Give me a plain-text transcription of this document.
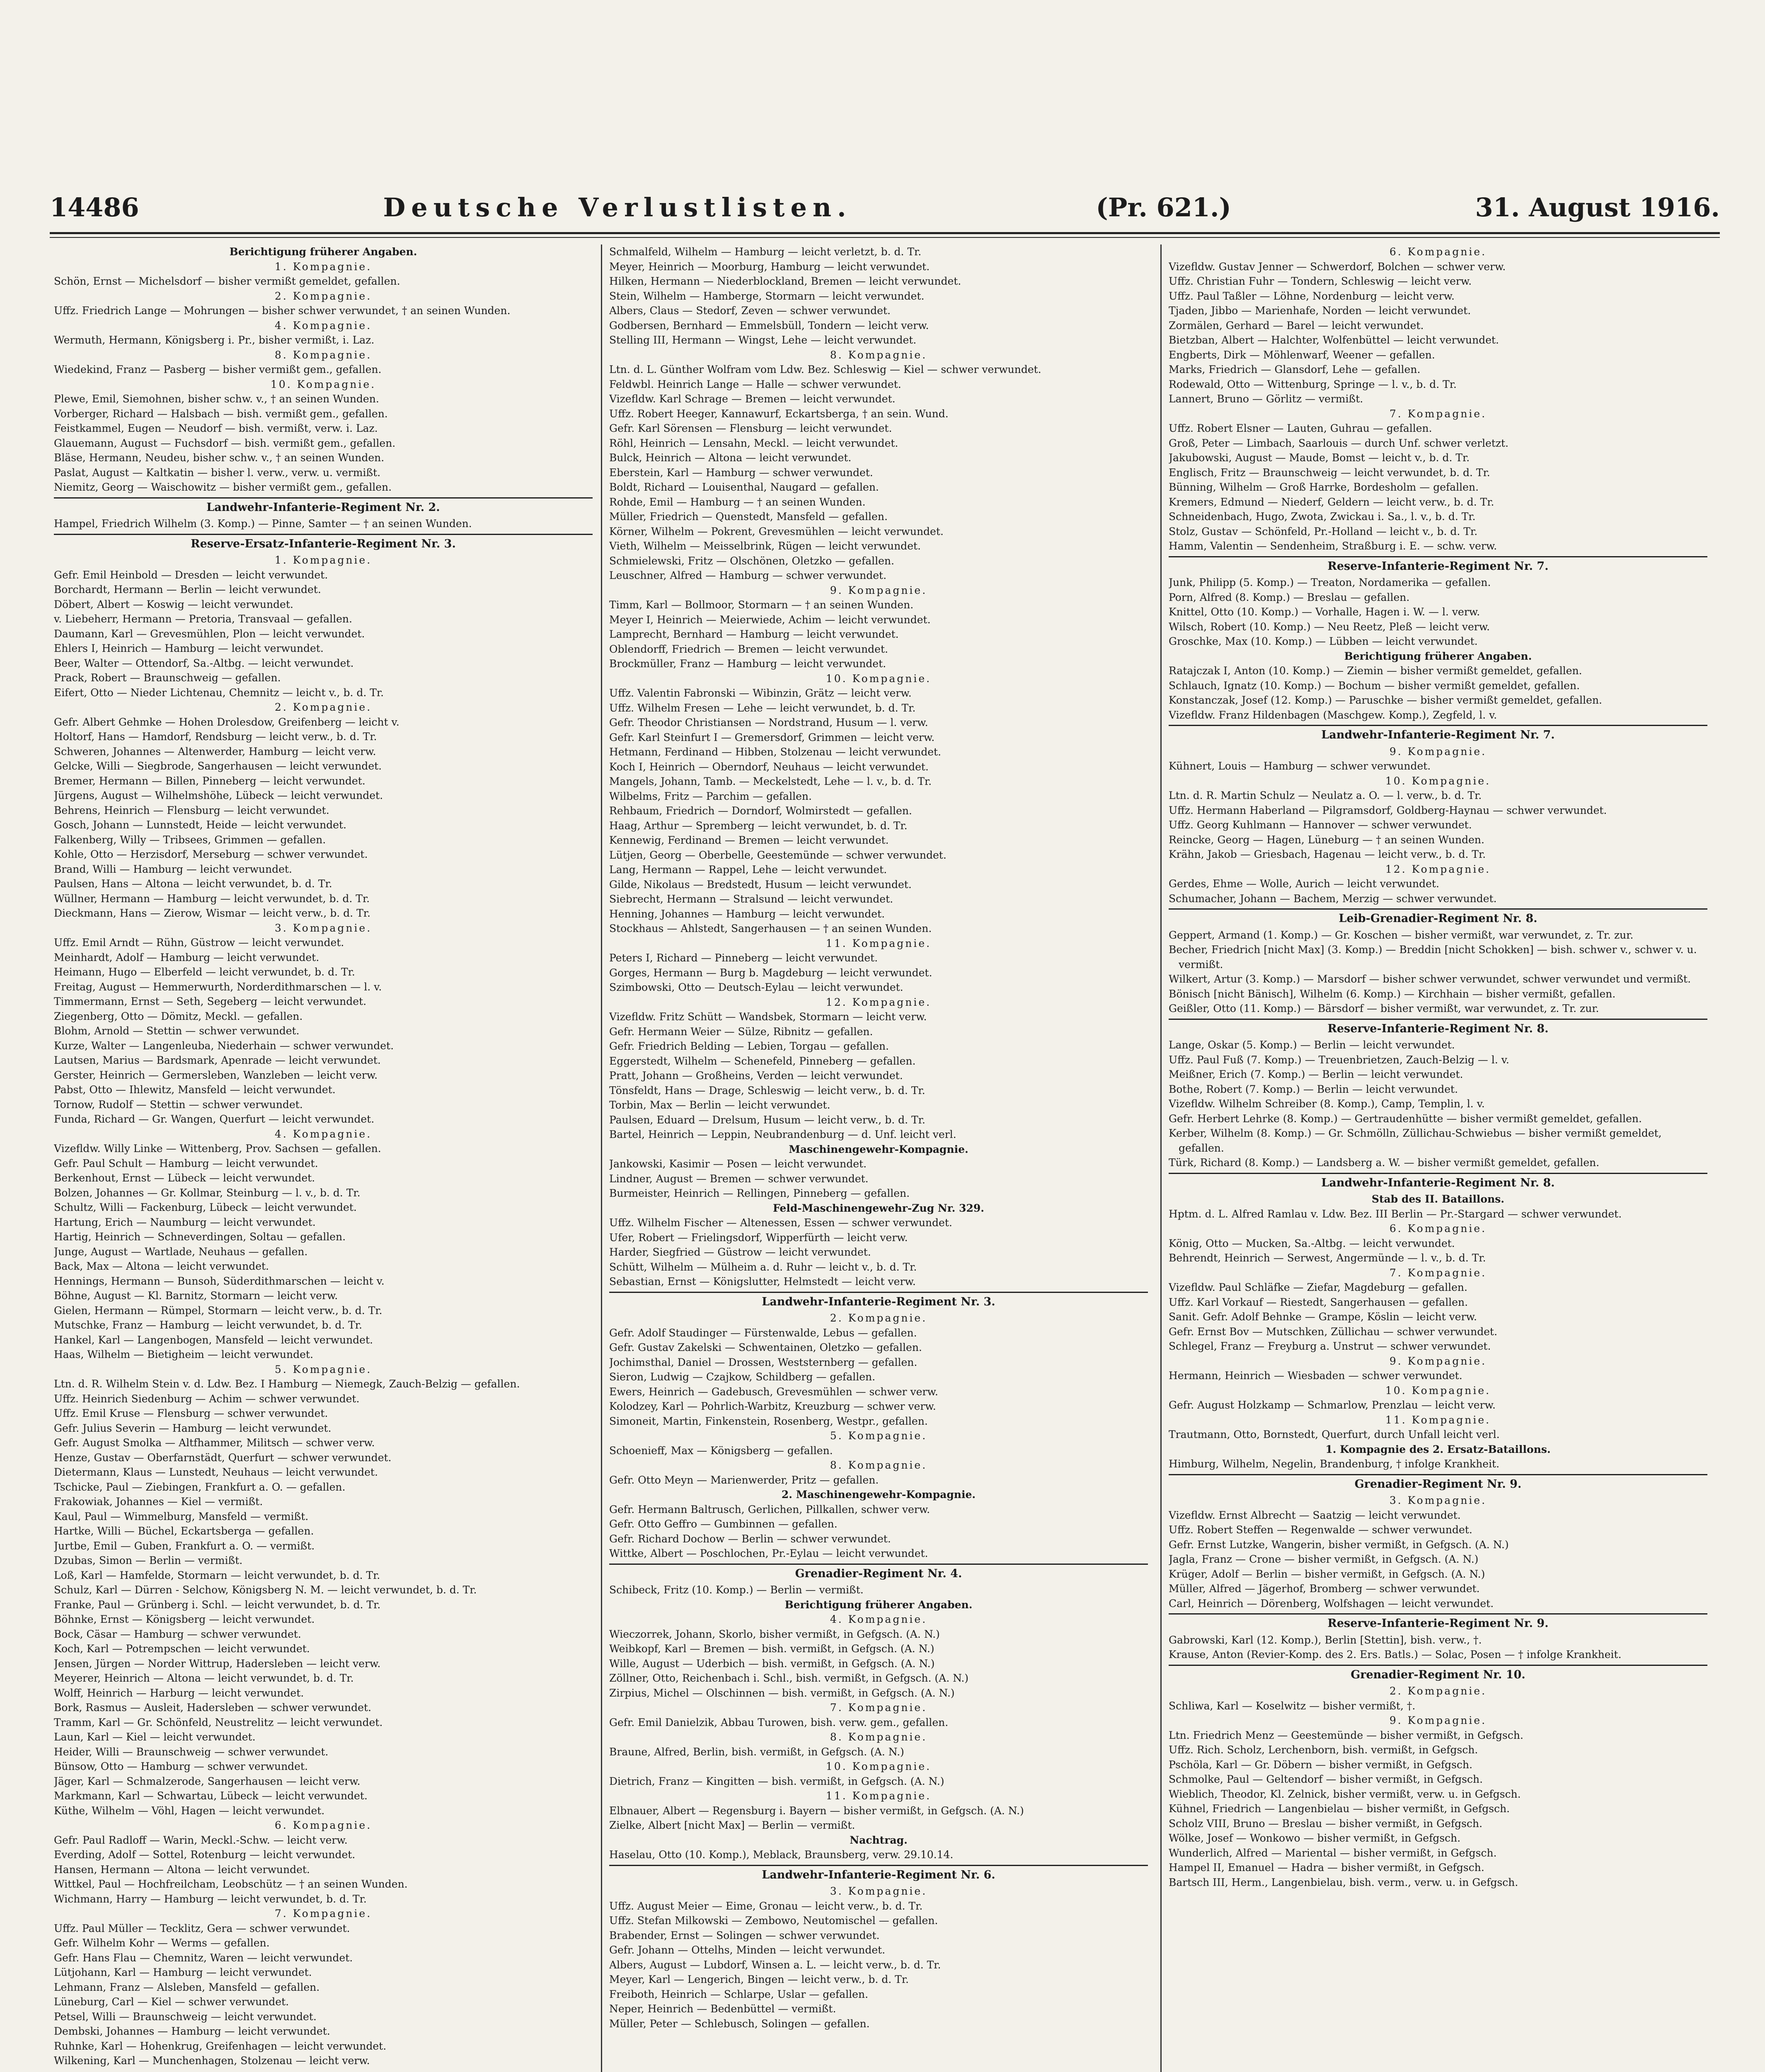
14486	Deutsche Verlustlisten.	(Pr. 621.)	31. August 1916.
Berichtigung früherer Angaben.
1. Kompagnie.
Schön, Ernst — Michelsdorf — bisher vermißt gemeldet, gefallen.
2. Kompagnie.
Uffz. Friedrich Lange — Mohrungen — bisher schwer verwundet, † an seinen Wunden.
4. Kompagnie.
Wermuth, Hermann, Königsberg i. Pr., bisher vermißt, i. Laz.
8. Kompagnie.
Wiedekind, Franz — Pasberg — bisher vermißt gem., gefallen.
10. Kompagnie.
Plewe, Emil, Siemohnen, bisher schw. v., † an seinen Wunden.
Vorberger, Richard — Halsbach — bish. vermißt gem., gefallen.
Feistkammel, Eugen — Neudorf — bish. vermißt, verw. i. Laz.
Glauemann, August — Fuchsdorf — bish. vermißt gem., gefallen.
Bläse, Hermann, Neudeu, bisher schw. v., † an seinen Wunden.
Paslat, August — Kaltkatin — bisher l. verw., verw. u. vermißt.
Niemitz, Georg — Waischowitz — bisher vermißt gem., gefallen.
Landwehr-Infanterie-Regiment Nr. 2.
Hampel, Friedrich Wilhelm (3. Komp.) — Pinne, Samter — † an seinen Wunden.
Reserve-Ersatz-Infanterie-Regiment Nr. 3.
1. Kompagnie.
Gefr. Emil Heinbold — Dresden — leicht verwundet.
Borchardt, Hermann — Berlin — leicht verwundet.
Döbert, Albert — Koswig — leicht verwundet.
v. Liebeherr, Hermann — Pretoria, Transvaal — gefallen.
Daumann, Karl — Grevesmühlen, Plon — leicht verwundet.
Ehlers I, Heinrich — Hamburg — leicht verwundet.
Beer, Walter — Ottendorf, Sa.-Altbg. — leicht verwundet.
Prack, Robert — Braunschweig — gefallen.
Eifert, Otto — Nieder Lichtenau, Chemnitz — leicht v., b. d. Tr.
2. Kompagnie.
Gefr. Albert Gehmke — Hohen Drolesdow, Greifenberg — leicht v.
Holtorf, Hans — Hamdorf, Rendsburg — leicht verw., b. d. Tr.
Schweren, Johannes — Altenwerder, Hamburg — leicht verw.
Gelcke, Willi — Siegbrode, Sangerhausen — leicht verwundet.
Bremer, Hermann — Billen, Pinneberg — leicht verwundet.
Jürgens, August — Wilhelmshöhe, Lübeck — leicht verwundet.
Behrens, Heinrich — Flensburg — leicht verwundet.
Gosch, Johann — Lunnstedt, Heide — leicht verwundet.
Falkenberg, Willy — Tribsees, Grimmen — gefallen.
Kohle, Otto — Herzisdorf, Merseburg — schwer verwundet.
Brand, Willi — Hamburg — leicht verwundet.
Paulsen, Hans — Altona — leicht verwundet, b. d. Tr.
Wüllner, Hermann — Hamburg — leicht verwundet, b. d. Tr.
Dieckmann, Hans — Zierow, Wismar — leicht verw., b. d. Tr.
3. Kompagnie.
Uffz. Emil Arndt — Rühn, Güstrow — leicht verwundet.
Meinhardt, Adolf — Hamburg — leicht verwundet.
Heimann, Hugo — Elberfeld — leicht verwundet, b. d. Tr.
Freitag, August — Hemmerwurth, Norderdithmarschen — l. v.
Timmermann, Ernst — Seth, Segeberg — leicht verwundet.
Ziegenberg, Otto — Dömitz, Meckl. — gefallen.
Blohm, Arnold — Stettin — schwer verwundet.
Kurze, Walter — Langenleuba, Niederhain — schwer verwundet.
Lautsen, Marius — Bardsmark, Apenrade — leicht verwundet.
Gerster, Heinrich — Germersleben, Wanzleben — leicht verw.
Pabst, Otto — Ihlewitz, Mansfeld — leicht verwundet.
Tornow, Rudolf — Stettin — schwer verwundet.
Funda, Richard — Gr. Wangen, Querfurt — leicht verwundet.
4. Kompagnie.
Vizefldw. Willy Linke — Wittenberg, Prov. Sachsen — gefallen.
Gefr. Paul Schult — Hamburg — leicht verwundet.
Berkenhout, Ernst — Lübeck — leicht verwundet.
Bolzen, Johannes — Gr. Kollmar, Steinburg — l. v., b. d. Tr.
Schultz, Willi — Fackenburg, Lübeck — leicht verwundet.
Hartung, Erich — Naumburg — leicht verwundet.
Hartig, Heinrich — Schneverdingen, Soltau — gefallen.
Junge, August — Wartlade, Neuhaus — gefallen.
Back, Max — Altona — leicht verwundet.
Hennings, Hermann — Bunsoh, Süderdithmarschen — leicht v.
Böhne, August — Kl. Barnitz, Stormarn — leicht verw.
Gielen, Hermann — Rümpel, Stormarn — leicht verw., b. d. Tr.
Mutschke, Franz — Hamburg — leicht verwundet, b. d. Tr.
Hankel, Karl — Langenbogen, Mansfeld — leicht verwundet.
Haas, Wilhelm — Bietigheim — leicht verwundet.
5. Kompagnie.
Ltn. d. R. Wilhelm Stein v. d. Ldw. Bez. I Hamburg — Niemegk, Zauch-Belzig — gefallen.
Uffz. Heinrich Siedenburg — Achim — schwer verwundet.
Uffz. Emil Kruse — Flensburg — schwer verwundet.
Gefr. Julius Severin — Hamburg — leicht verwundet.
Gefr. August Smolka — Altfhammer, Militsch — schwer verw.
Henze, Gustav — Oberfarnstädt, Querfurt — schwer verwundet.
Dietermann, Klaus — Lunstedt, Neuhaus — leicht verwundet.
Tschicke, Paul — Ziebingen, Frankfurt a. O. — gefallen.
Frakowiak, Johannes — Kiel — vermißt.
Kaul, Paul — Wimmelburg, Mansfeld — vermißt.
Hartke, Willi — Büchel, Eckartsberga — gefallen.
Jurtbe, Emil — Guben, Frankfurt a. O. — vermißt.
Dzubas, Simon — Berlin — vermißt.
Loß, Karl — Hamfelde, Stormarn — leicht verwundet, b. d. Tr.
Schulz, Karl — Dürren - Selchow, Königsberg N. M. — leicht verwundet, b. d. Tr.
Franke, Paul — Grünberg i. Schl. — leicht verwundet, b. d. Tr.
Böhnke, Ernst — Königsberg — leicht verwundet.
Bock, Cäsar — Hamburg — schwer verwundet.
Koch, Karl — Potrempschen — leicht verwundet.
Jensen, Jürgen — Norder Wittrup, Hadersleben — leicht verw.
Meyerer, Heinrich — Altona — leicht verwundet, b. d. Tr.
Wolff, Heinrich — Harburg — leicht verwundet.
Bork, Rasmus — Ausleit, Hadersleben — schwer verwundet.
Tramm, Karl — Gr. Schönfeld, Neustrelitz — leicht verwundet.
Laun, Karl — Kiel — leicht verwundet.
Heider, Willi — Braunschweig — schwer verwundet.
Bünsow, Otto — Hamburg — schwer verwundet.
Jäger, Karl — Schmalzerode, Sangerhausen — leicht verw.
Markmann, Karl — Schwartau, Lübeck — leicht verwundet.
Küthe, Wilhelm — Vöhl, Hagen — leicht verwundet.
6. Kompagnie.
Gefr. Paul Radloff — Warin, Meckl.-Schw. — leicht verw.
Everding, Adolf — Sottel, Rotenburg — leicht verwundet.
Hansen, Hermann — Altona — leicht verwundet.
Wittkel, Paul — Hochfreilcham, Leobschütz — † an seinen Wunden.
Wichmann, Harry — Hamburg — leicht verwundet, b. d. Tr.
7. Kompagnie.
Uffz. Paul Müller — Tecklitz, Gera — schwer verwundet.
Gefr. Wilhelm Kohr — Werms — gefallen.
Gefr. Hans Flau — Chemnitz, Waren — leicht verwundet.
Lütjohann, Karl — Hamburg — leicht verwundet.
Lehmann, Franz — Alsleben, Mansfeld — gefallen.
Lüneburg, Carl — Kiel — schwer verwundet.
Petsel, Willi — Braunschweig — leicht verwundet.
Dembski, Johannes — Hamburg — leicht verwundet.
Ruhnke, Karl — Hohenkrug, Greifenhagen — leicht verwundet.
Wilkening, Karl — Munchenhagen, Stolzenau — leicht verw.
Schmalfeld, Wilhelm — Hamburg — leicht verletzt, b. d. Tr.
Meyer, Heinrich — Moorburg, Hamburg — leicht verwundet.
Hilken, Hermann — Niederblockland, Bremen — leicht verwundet.
Stein, Wilhelm — Hamberge, Stormarn — leicht verwundet.
Albers, Claus — Stedorf, Zeven — schwer verwundet.
Godbersen, Bernhard — Emmelsbüll, Tondern — leicht verw.
Stelling III, Hermann — Wingst, Lehe — leicht verwundet.
8. Kompagnie.
Ltn. d. L. Günther Wolfram vom Ldw. Bez. Schleswig — Kiel — schwer verwundet.
Feldwbl. Heinrich Lange — Halle — schwer verwundet.
Vizefldw. Karl Schrage — Bremen — leicht verwundet.
Uffz. Robert Heeger, Kannawurf, Eckartsberga, † an sein. Wund.
Gefr. Karl Sörensen — Flensburg — leicht verwundet.
Röhl, Heinrich — Lensahn, Meckl. — leicht verwundet.
Bulck, Heinrich — Altona — leicht verwundet.
Eberstein, Karl — Hamburg — schwer verwundet.
Boldt, Richard — Louisenthal, Naugard — gefallen.
Rohde, Emil — Hamburg — † an seinen Wunden.
Müller, Friedrich — Quenstedt, Mansfeld — gefallen.
Körner, Wilhelm — Pokrent, Grevesmühlen — leicht verwundet.
Vieth, Wilhelm — Meisselbrink, Rügen — leicht verwundet.
Schmielewski, Fritz — Olschönen, Oletzko — gefallen.
Leuschner, Alfred — Hamburg — schwer verwundet.
9. Kompagnie.
Timm, Karl — Bollmoor, Stormarn — † an seinen Wunden.
Meyer I, Heinrich — Meierwiede, Achim — leicht verwundet.
Lamprecht, Bernhard — Hamburg — leicht verwundet.
Oblendorff, Friedrich — Bremen — leicht verwundet.
Brockmüller, Franz — Hamburg — leicht verwundet.
10. Kompagnie.
Uffz. Valentin Fabronski — Wibinzin, Grätz — leicht verw.
Uffz. Wilhelm Fresen — Lehe — leicht verwundet, b. d. Tr.
Gefr. Theodor Christiansen — Nordstrand, Husum — l. verw.
Gefr. Karl Steinfurt I — Gremersdorf, Grimmen — leicht verw.
Hetmann, Ferdinand — Hibben, Stolzenau — leicht verwundet.
Koch I, Heinrich — Oberndorf, Neuhaus — leicht verwundet.
Mangels, Johann, Tamb. — Meckelstedt, Lehe — l. v., b. d. Tr.
Wilbelms, Fritz — Parchim — gefallen.
Rehbaum, Friedrich — Dorndorf, Wolmirstedt — gefallen.
Haag, Arthur — Spremberg — leicht verwundet, b. d. Tr.
Kennewig, Ferdinand — Bremen — leicht verwundet.
Lütjen, Georg — Oberbelle, Geestemünde — schwer verwundet.
Lang, Hermann — Rappel, Lehe — leicht verwundet.
Gilde, Nikolaus — Bredstedt, Husum — leicht verwundet.
Siebrecht, Hermann — Stralsund — leicht verwundet.
Henning, Johannes — Hamburg — leicht verwundet.
Stockhaus — Ahlstedt, Sangerhausen — † an seinen Wunden.
11. Kompagnie.
Peters I, Richard — Pinneberg — leicht verwundet.
Gorges, Hermann — Burg b. Magdeburg — leicht verwundet.
Szimbowski, Otto — Deutsch-Eylau — leicht verwundet.
12. Kompagnie.
Vizefldw. Fritz Schütt — Wandsbek, Stormarn — leicht verw.
Gefr. Hermann Weier — Sülze, Ribnitz — gefallen.
Gefr. Friedrich Belding — Lebien, Torgau — gefallen.
Eggerstedt, Wilhelm — Schenefeld, Pinneberg — gefallen.
Pratt, Johann — Großheins, Verden — leicht verwundet.
Tönsfeldt, Hans — Drage, Schleswig — leicht verw., b. d. Tr.
Torbin, Max — Berlin — leicht verwundet.
Paulsen, Eduard — Drelsum, Husum — leicht verw., b. d. Tr.
Bartel, Heinrich — Leppin, Neubrandenburg — d. Unf. leicht verl.
Maschinengewehr-Kompagnie.
Jankowski, Kasimir — Posen — leicht verwundet.
Lindner, August — Bremen — schwer verwundet.
Burmeister, Heinrich — Rellingen, Pinneberg — gefallen.
Feld-Maschinengewehr-Zug Nr. 329.
Uffz. Wilhelm Fischer — Altenessen, Essen — schwer verwundet.
Ufer, Robert — Frielingsdorf, Wipperfürth — leicht verw.
Harder, Siegfried — Güstrow — leicht verwundet.
Schütt, Wilhelm — Mülheim a. d. Ruhr — leicht v., b. d. Tr.
Sebastian, Ernst — Königslutter, Helmstedt — leicht verw.
Landwehr-Infanterie-Regiment Nr. 3.
2. Kompagnie.
Gefr. Adolf Staudinger — Fürstenwalde, Lebus — gefallen.
Gefr. Gustav Zakelski — Schwentainen, Oletzko — gefallen.
Jochimsthal, Daniel — Drossen, Weststernberg — gefallen.
Sieron, Ludwig — Czajkow, Schildberg — gefallen.
Ewers, Heinrich — Gadebusch, Grevesmühlen — schwer verw.
Kolodzey, Karl — Pohrlich-Warbitz, Kreuzburg — schwer verw.
Simoneit, Martin, Finkenstein, Rosenberg, Westpr., gefallen.
5. Kompagnie.
Schoenieff, Max — Königsberg — gefallen.
8. Kompagnie.
Gefr. Otto Meyn — Marienwerder, Pritz — gefallen.
2. Maschinengewehr-Kompagnie.
Gefr. Hermann Baltrusch, Gerlichen, Pillkallen, schwer verw.
Gefr. Otto Geffro — Gumbinnen — gefallen.
Gefr. Richard Dochow — Berlin — schwer verwundet.
Wittke, Albert — Poschlochen, Pr.-Eylau — leicht verwundet.
Grenadier-Regiment Nr. 4.
Schibeck, Fritz (10. Komp.) — Berlin — vermißt.
Berichtigung früherer Angaben.
4. Kompagnie.
Wieczorrek, Johann, Skorlo, bisher vermißt, in Gefgsch. (A. N.)
Weibkopf, Karl — Bremen — bish. vermißt, in Gefgsch. (A. N.)
Wille, August — Uderbich — bish. vermißt, in Gefgsch. (A. N.)
Zöllner, Otto, Reichenbach i. Schl., bish. vermißt, in Gefgsch. (A. N.)
Zirpius, Michel — Olschinnen — bish. vermißt, in Gefgsch. (A. N.)
7. Kompagnie.
Gefr. Emil Danielzik, Abbau Turowen, bish. verw. gem., gefallen.
8. Kompagnie.
Braune, Alfred, Berlin, bish. vermißt, in Gefgsch. (A. N.)
10. Kompagnie.
Dietrich, Franz — Kingitten — bish. vermißt, in Gefgsch. (A. N.)
11. Kompagnie.
Elbnauer, Albert — Regensburg i. Bayern — bisher vermißt, in Gefgsch. (A. N.)
Zielke, Albert [nicht Max] — Berlin — vermißt.
Nachtrag.
Haselau, Otto (10. Komp.), Meblack, Braunsberg, verw. 29.10.14.
Landwehr-Infanterie-Regiment Nr. 6.
3. Kompagnie.
Uffz. August Meier — Eime, Gronau — leicht verw., b. d. Tr.
Uffz. Stefan Milkowski — Zembowo, Neutomischel — gefallen.
Brabender, Ernst — Solingen — schwer verwundet.
Gefr. Johann — Ottelhs, Minden — leicht verwundet.
Albers, August — Lubdorf, Winsen a. L. — leicht verw., b. d. Tr.
Meyer, Karl — Lengerich, Bingen — leicht verw., b. d. Tr.
Freiboth, Heinrich — Schlarpe, Uslar — gefallen.
Neper, Heinrich — Bedenbüttel — vermißt.
Müller, Peter — Schlebusch, Solingen — gefallen.
6. Kompagnie.
Vizefldw. Gustav Jenner — Schwerdorf, Bolchen — schwer verw.
Uffz. Christian Fuhr — Tondern, Schleswig — leicht verw.
Uffz. Paul Taßler — Löhne, Nordenburg — leicht verw.
Tjaden, Jibbo — Marienhafe, Norden — leicht verwundet.
Zormälen, Gerhard — Barel — leicht verwundet.
Bietzban, Albert — Halchter, Wolfenbüttel — leicht verwundet.
Engberts, Dirk — Möhlenwarf, Weener — gefallen.
Marks, Friedrich — Glansdorf, Lehe — gefallen.
Rodewald, Otto — Wittenburg, Springe — l. v., b. d. Tr.
Lannert, Bruno — Görlitz — vermißt.
7. Kompagnie.
Uffz. Robert Elsner — Lauten, Guhrau — gefallen.
Groß, Peter — Limbach, Saarlouis — durch Unf. schwer verletzt.
Jakubowski, August — Maude, Bomst — leicht v., b. d. Tr.
Englisch, Fritz — Braunschweig — leicht verwundet, b. d. Tr.
Bünning, Wilhelm — Groß Harrke, Bordesholm — gefallen.
Kremers, Edmund — Niederf, Geldern — leicht verw., b. d. Tr.
Schneidenbach, Hugo, Zwota, Zwickau i. Sa., l. v., b. d. Tr.
Stolz, Gustav — Schönfeld, Pr.-Holland — leicht v., b. d. Tr.
Hamm, Valentin — Sendenheim, Straßburg i. E. — schw. verw.
Reserve-Infanterie-Regiment Nr. 7.
Junk, Philipp (5. Komp.) — Treaton, Nordamerika — gefallen.
Porn, Alfred (8. Komp.) — Breslau — gefallen.
Knittel, Otto (10. Komp.) — Vorhalle, Hagen i. W. — l. verw.
Wilsch, Robert (10. Komp.) — Neu Reetz, Pleß — leicht verw.
Groschke, Max (10. Komp.) — Lübben — leicht verwundet.
Berichtigung früherer Angaben.
Ratajczak I, Anton (10. Komp.) — Ziemin — bisher vermißt gemeldet, gefallen.
Schlauch, Ignatz (10. Komp.) — Bochum — bisher vermißt gemeldet, gefallen.
Konstanczak, Josef (12. Komp.) — Paruschke — bisher vermißt gemeldet, gefallen.
Vizefldw. Franz Hildenbagen (Maschgew. Komp.), Zegfeld, l. v.
Landwehr-Infanterie-Regiment Nr. 7.
9. Kompagnie.
Kühnert, Louis — Hamburg — schwer verwundet.
10. Kompagnie.
Ltn. d. R. Martin Schulz — Neulatz a. O. — l. verw., b. d. Tr.
Uffz. Hermann Haberland — Pilgramsdorf, Goldberg-Haynau — schwer verwundet.
Uffz. Georg Kuhlmann — Hannover — schwer verwundet.
Reincke, Georg — Hagen, Lüneburg — † an seinen Wunden.
Krähn, Jakob — Griesbach, Hagenau — leicht verw., b. d. Tr.
12. Kompagnie.
Gerdes, Ehme — Wolle, Aurich — leicht verwundet.
Schumacher, Johann — Bachem, Merzig — schwer verwundet.
Leib-Grenadier-Regiment Nr. 8.
Geppert, Armand (1. Komp.) — Gr. Koschen — bisher vermißt, war verwundet, z. Tr. zur.
Becher, Friedrich [nicht Max] (3. Komp.) — Breddin [nicht Schokken] — bish. schwer v., schwer v. u. vermißt.
Wilkert, Artur (3. Komp.) — Marsdorf — bisher schwer verwundet, schwer verwundet und vermißt.
Bönisch [nicht Bänisch], Wilhelm (6. Komp.) — Kirchhain — bisher vermißt, gefallen.
Geißler, Otto (11. Komp.) — Bärsdorf — bisher vermißt, war verwundet, z. Tr. zur.
Reserve-Infanterie-Regiment Nr. 8.
Lange, Oskar (5. Komp.) — Berlin — leicht verwundet.
Uffz. Paul Fuß (7. Komp.) — Treuenbrietzen, Zauch-Belzig — l. v.
Meißner, Erich (7. Komp.) — Berlin — leicht verwundet.
Bothe, Robert (7. Komp.) — Berlin — leicht verwundet.
Vizefldw. Wilhelm Schreiber (8. Komp.), Camp, Templin, l. v.
Gefr. Herbert Lehrke (8. Komp.) — Gertraudenhütte — bisher vermißt gemeldet, gefallen.
Kerber, Wilhelm (8. Komp.) — Gr. Schmölln, Züllichau-Schwiebus — bisher vermißt gemeldet, gefallen.
Türk, Richard (8. Komp.) — Landsberg a. W. — bisher vermißt gemeldet, gefallen.
Landwehr-Infanterie-Regiment Nr. 8.
Stab des II. Bataillons.
Hptm. d. L. Alfred Ramlau v. Ldw. Bez. III Berlin — Pr.-Stargard — schwer verwundet.
6. Kompagnie.
König, Otto — Mucken, Sa.-Altbg. — leicht verwundet.
Behrendt, Heinrich — Serwest, Angermünde — l. v., b. d. Tr.
7. Kompagnie.
Vizefldw. Paul Schläfke — Ziefar, Magdeburg — gefallen.
Uffz. Karl Vorkauf — Riestedt, Sangerhausen — gefallen.
Sanit. Gefr. Adolf Behnke — Grampe, Köslin — leicht verw.
Gefr. Ernst Bov — Mutschken, Züllichau — schwer verwundet.
Schlegel, Franz — Freyburg a. Unstrut — schwer verwundet.
9. Kompagnie.
Hermann, Heinrich — Wiesbaden — schwer verwundet.
10. Kompagnie.
Gefr. August Holzkamp — Schmarlow, Prenzlau — leicht verw.
11. Kompagnie.
Trautmann, Otto, Bornstedt, Querfurt, durch Unfall leicht verl.
1. Kompagnie des 2. Ersatz-Bataillons.
Himburg, Wilhelm, Negelin, Brandenburg, † infolge Krankheit.
Grenadier-Regiment Nr. 9.
3. Kompagnie.
Vizefldw. Ernst Albrecht — Saatzig — leicht verwundet.
Uffz. Robert Steffen — Regenwalde — schwer verwundet.
Gefr. Ernst Lutzke, Wangerin, bisher vermißt, in Gefgsch. (A. N.)
Jagla, Franz — Crone — bisher vermißt, in Gefgsch. (A. N.)
Krüger, Adolf — Berlin — bisher vermißt, in Gefgsch. (A. N.)
Müller, Alfred — Jägerhof, Bromberg — schwer verwundet.
Carl, Heinrich — Dörenberg, Wolfshagen — leicht verwundet.
Reserve-Infanterie-Regiment Nr. 9.
Gabrowski, Karl (12. Komp.), Berlin [Stettin], bish. verw., †.
Krause, Anton (Revier-Komp. des 2. Ers. Batls.) — Solac, Posen — † infolge Krankheit.
Grenadier-Regiment Nr. 10.
2. Kompagnie.
Schliwa, Karl — Koselwitz — bisher vermißt, †.
9. Kompagnie.
Ltn. Friedrich Menz — Geestemünde — bisher vermißt, in Gefgsch.
Uffz. Rich. Scholz, Lerchenborn, bish. vermißt, in Gefgsch.
Pschöla, Karl — Gr. Döbern — bisher vermißt, in Gefgsch.
Schmolke, Paul — Geltendorf — bisher vermißt, in Gefgsch.
Wieblich, Theodor, Kl. Zelnick, bisher vermißt, verw. u. in Gefgsch.
Kühnel, Friedrich — Langenbielau — bisher vermißt, in Gefgsch.
Scholz VIII, Bruno — Breslau — bisher vermißt, in Gefgsch.
Wölke, Josef — Wonkowo — bisher vermißt, in Gefgsch.
Wunderlich, Alfred — Mariental — bisher vermißt, in Gefgsch.
Hampel II, Emanuel — Hadra — bisher vermißt, in Gefgsch.
Bartsch III, Herm., Langenbielau, bish. verm., verw. u. in Gefgsch.
